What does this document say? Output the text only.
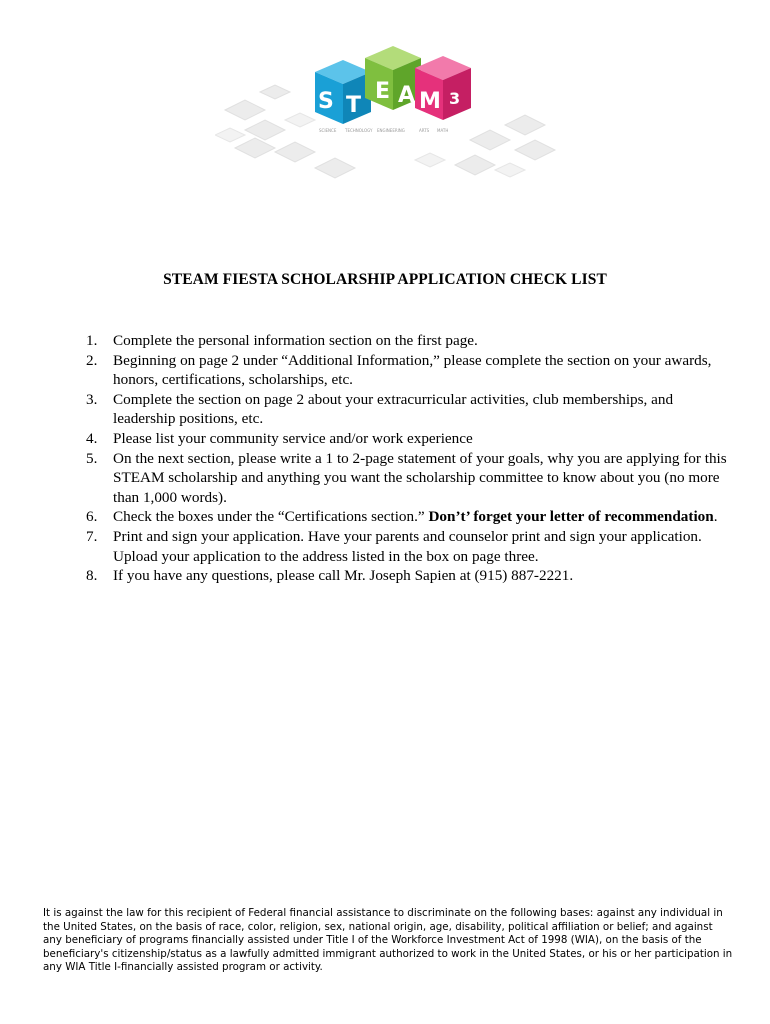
S T
E A M 3
SCIENCE TECHNOLOGY ENGINEERING	ARTS MATH
STEAM FIESTA SCHOLARSHIP APPLICATION CHECK LIST
1. Complete the personal information section on the first page.
2. Beginning on page 2 under “Additional Information,” please complete the section on your awards, honors, certifications, scholarships, etc.
3. Complete the section on page 2 about your extracurricular activities, club memberships, and leadership positions, etc.
4. Please list your community service and/or work experience
5. On the next section, please write a 1 to 2-page statement of your goals, why you are applying for this STEAM scholarship and anything you want the scholarship committee to know about you (no more than 1,000 words).
6. Check the boxes under the “Certifications section.” Don’t’ forget your letter of recommendation.
7. Print and sign your application. Have your parents and counselor print and sign your application. Upload your application to the address listed in the box on page three.
8. If you have any questions, please call Mr. Joseph Sapien at (915) 887-2221.

It is against the law for this recipient of Federal financial assistance to discriminate on the following bases: against any individual in the United States, on the basis of race, color, religion, sex, national origin, age, disability, political affiliation or belief; and against any beneficiary of programs financially assisted under Title I of the Workforce Investment Act of 1998 (WIA), on the basis of the beneficiary's citizenship/status as a lawfully admitted immigrant authorized to work in the United States, or his or her participation in any WIA Title I-financially assisted program or activity.
